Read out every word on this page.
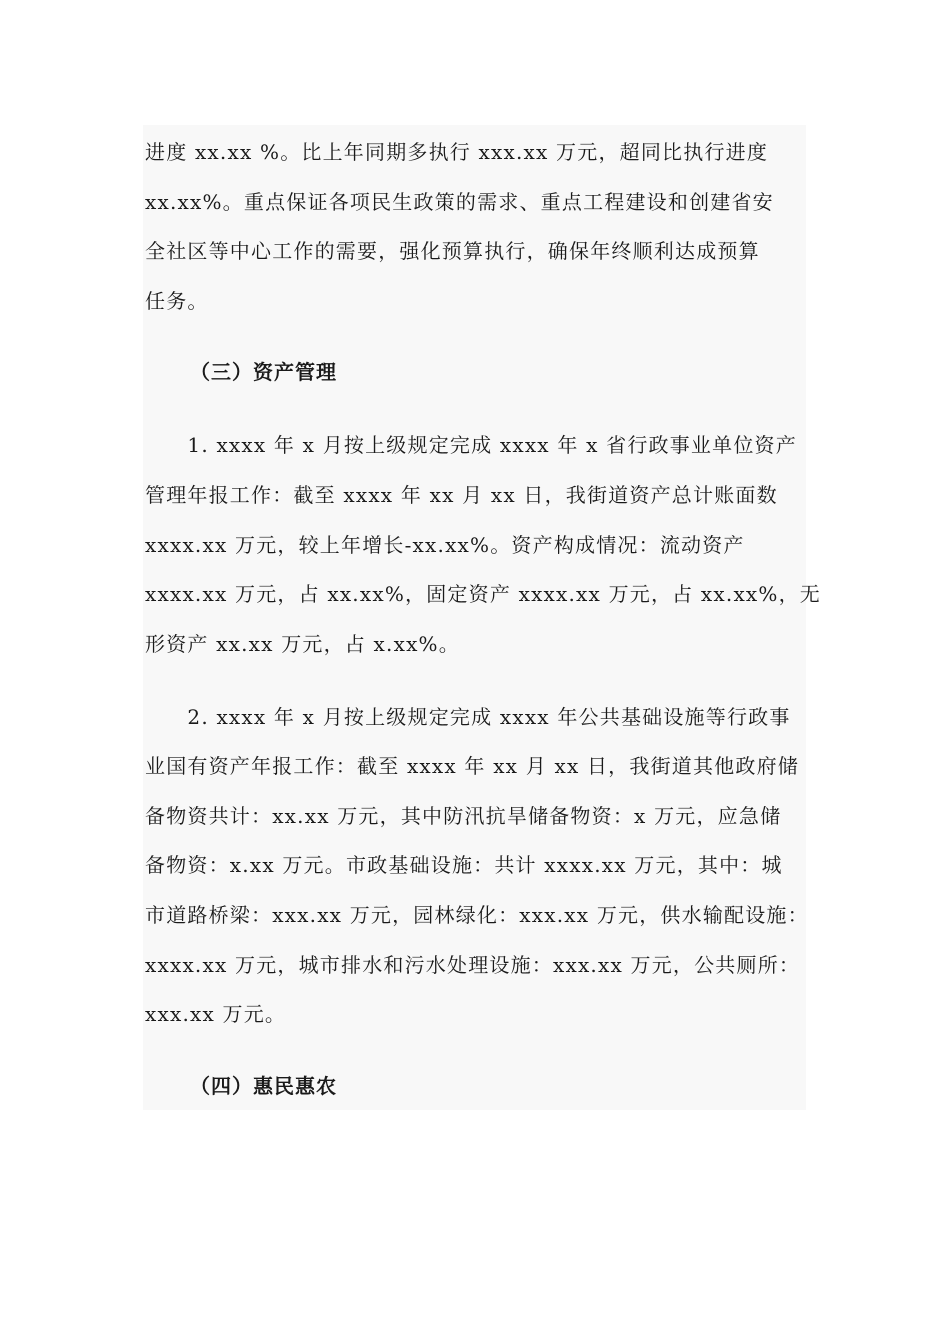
进度 xx.xx %。比上年同期多执行 xxx.xx 万元，超同比执行进度
xx.xx%。重点保证各项民生政策的需求、重点工程建设和创建省安
全社区等中心工作的需要，强化预算执行，确保年终顺利达成预算
任务。
（三）资产管理
　　1. xxxx 年 x 月按上级规定完成 xxxx 年 x 省行政事业单位资产
管理年报工作：截至 xxxx 年 xx 月 xx 日，我街道资产总计账面数
xxxx.xx 万元，较上年增长-xx.xx%。资产构成情况：流动资产
xxxx.xx 万元，占 xx.xx%，固定资产 xxxx.xx 万元，占 xx.xx%，无
形资产 xx.xx 万元，占 x.xx%。
　　2. xxxx 年 x 月按上级规定完成 xxxx 年公共基础设施等行政事
业国有资产年报工作：截至 xxxx 年 xx 月 xx 日，我街道其他政府储
备物资共计：xx.xx 万元，其中防汛抗旱储备物资：x 万元，应急储
备物资：x.xx 万元。市政基础设施：共计 xxxx.xx 万元，其中：城
市道路桥梁：xxx.xx 万元，园林绿化：xxx.xx 万元，供水输配设施：
xxxx.xx 万元，城市排水和污水处理设施：xxx.xx 万元，公共厕所：
xxx.xx 万元。
（四）惠民惠农
